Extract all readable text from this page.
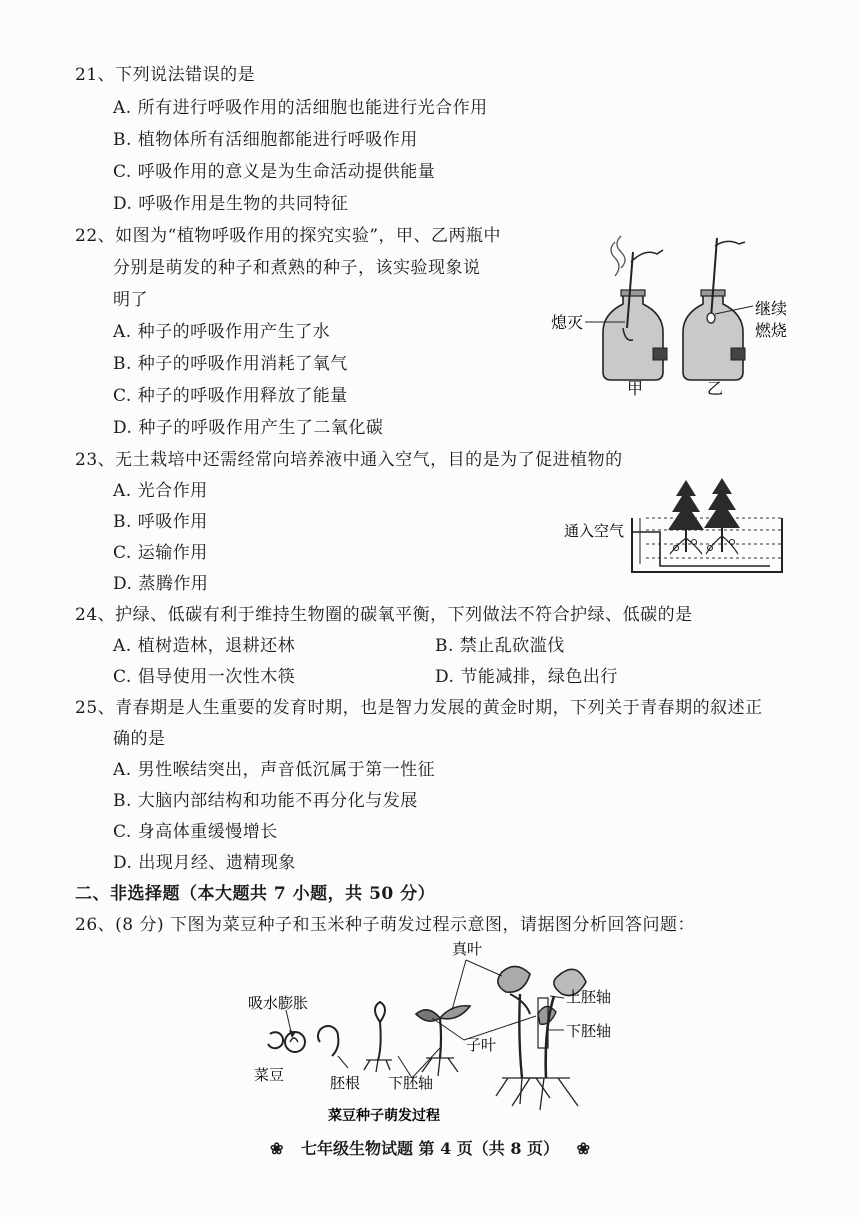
21、下列说法错误的是
A. 所有进行呼吸作用的活细胞也能进行光合作用
B. 植物体所有活细胞都能进行呼吸作用
C. 呼吸作用的意义是为生命活动提供能量
D. 呼吸作用是生物的共同特征
22、如图为“植物呼吸作用的探究实验”，甲、乙两瓶中
分别是萌发的种子和煮熟的种子，该实验现象说
明了
A. 种子的呼吸作用产生了水
B. 种子的呼吸作用消耗了氧气
C. 种子的呼吸作用释放了能量
D. 种子的呼吸作用产生了二氧化碳
熄灭
继续
燃烧
甲	乙
23、无土栽培中还需经常向培养液中通入空气，目的是为了促进植物的
A. 光合作用
B. 呼吸作用
C. 运输作用
D. 蒸腾作用
通入空气
24、护绿、低碳有利于维持生物圈的碳氧平衡，下列做法不符合护绿、低碳的是
A. 植树造林，退耕还林	B. 禁止乱砍滥伐
C. 倡导使用一次性木筷	D. 节能减排，绿色出行
25、青春期是人生重要的发育时期，也是智力发展的黄金时期，下列关于青春期的叙述正
确的是
A. 男性喉结突出，声音低沉属于第一性征
B. 大脑内部结构和功能不再分化与发展
C. 身高体重缓慢增长
D. 出现月经、遗精现象
二、非选择题（本大题共 7 小题，共 50 分）
26、(8 分) 下图为菜豆种子和玉米种子萌发过程示意图，请据图分析回答问题：
吸水膨胀
菜豆	胚根 下胚轴
真叶
子叶
上胚轴
下胚轴
菜豆种子萌发过程
❀ 七年级生物试题 第 4 页（共 8 页） ❀
